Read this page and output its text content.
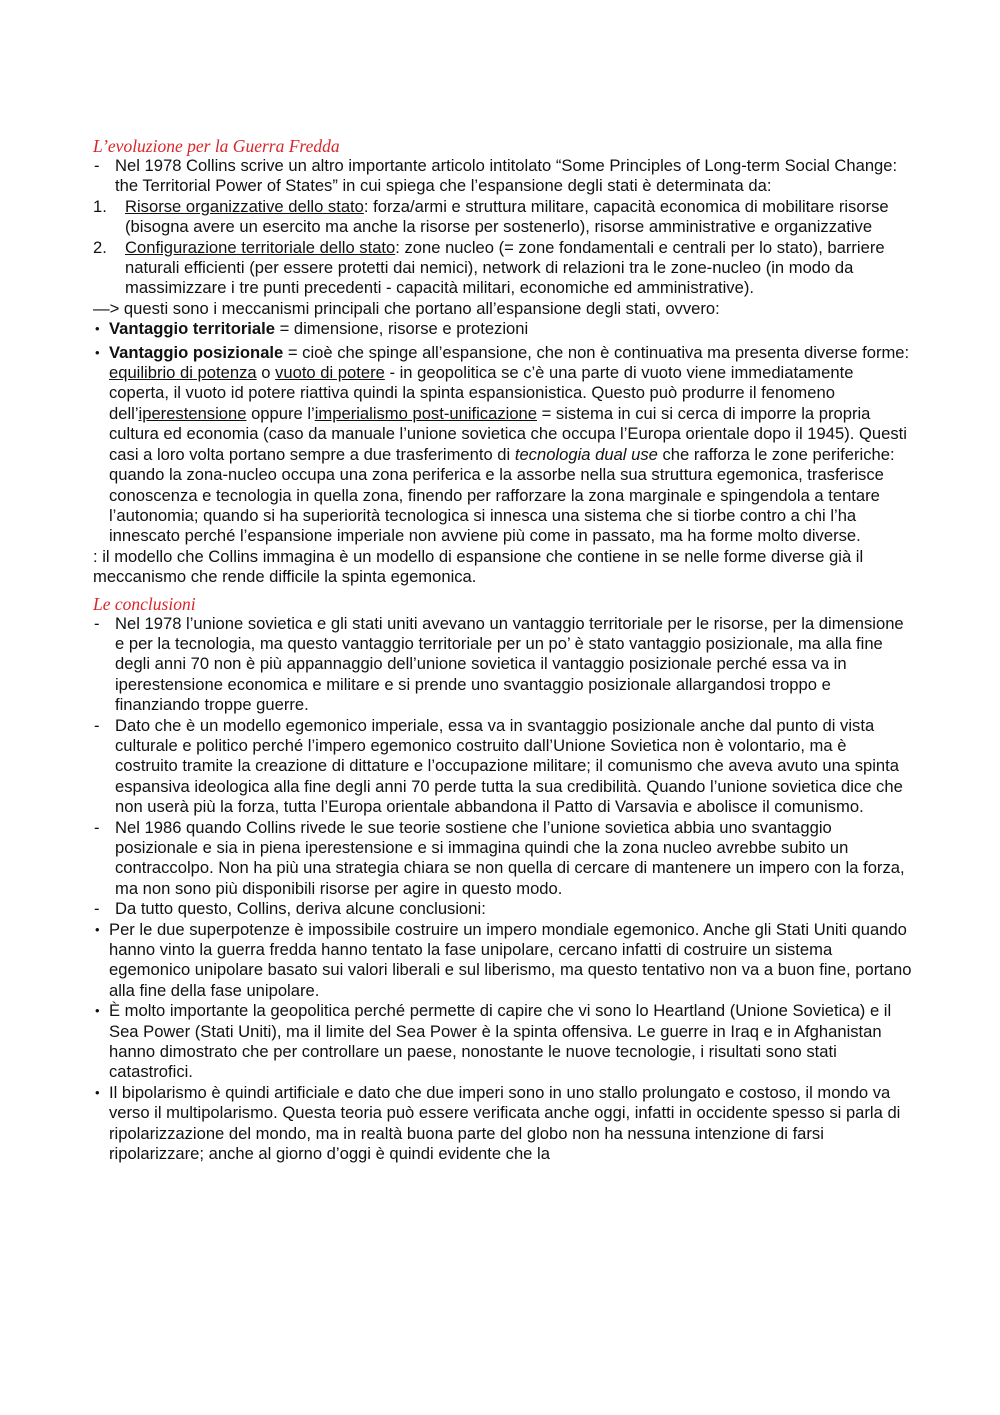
L’evoluzione per la Guerra Fredda

- Nel 1978 Collins scrive un altro importante articolo intitolato “Some Principles of Long-term Social Change: the Territorial Power of States” in cui spiega che l’espansione degli stati è determinata da:

1. Risorse organizzative dello stato: forza/armi e struttura militare, capacità economica di mobilitare risorse (bisogna avere un esercito ma anche la risorse per sostenerlo), risorse amministrative e organizzative

2. Configurazione territoriale dello stato: zone nucleo (= zone fondamentali e centrali per lo stato), barriere naturali efficienti (per essere protetti dai nemici), network di relazioni tra le zone-nucleo (in modo da massimizzare i tre punti precedenti - capacità militari, economiche ed amministrative).

—> questi sono i meccanismi principali che portano all’espansione degli stati, ovvero:

• Vantaggio territoriale = dimensione, risorse e protezioni

• Vantaggio posizionale = cioè che spinge all’espansione, che non è continuativa ma presenta diverse forme: equilibrio di potenza o vuoto di potere - in geopolitica se c’è una parte di vuoto viene immediatamente coperta, il vuoto id potere riattiva quindi la spinta espansionistica. Questo può produrre il fenomeno dell’iperestensione oppure l’imperialismo post-unificazione = sistema in cui si cerca di imporre la propria cultura ed economia (caso da manuale l’unione sovietica che occupa l’Europa orientale dopo il 1945). Questi casi a loro volta portano sempre a due trasferimento di tecnologia dual use che rafforza le zone periferiche: quando la zona-nucleo occupa una zona periferica e la assorbe nella sua struttura egemonica, trasferisce conoscenza e tecnologia in quella zona, finendo per rafforzare la zona marginale e spingendola a tentare l’autonomia; quando si ha superiorità tecnologica si innesca una sistema che si tiorbe contro a chi l’ha innescato perché l’espansione imperiale non avviene più come in passato, ma ha forme molto diverse.

: il modello che Collins immagina è un modello di espansione che contiene in se nelle forme diverse già il meccanismo che rende difficile la spinta egemonica.

Le conclusioni

- Nel 1978 l’unione sovietica e gli stati uniti avevano un vantaggio territoriale per le risorse, per la dimensione e per la tecnologia, ma questo vantaggio territoriale per un po’ è stato vantaggio posizionale, ma alla fine degli anni 70 non è più appannaggio dell’unione sovietica il vantaggio posizionale perché essa va in iperestensione economica e militare e si prende uno svantaggio posizionale allargandosi troppo e finanziando troppe guerre.

- Dato che è un modello egemonico imperiale, essa va in svantaggio posizionale anche dal punto di vista culturale e politico perché l’impero egemonico costruito dall’Unione Sovietica non è volontario, ma è costruito tramite la creazione di dittature e l’occupazione militare; il comunismo che aveva avuto una spinta espansiva ideologica alla fine degli anni 70 perde tutta la sua credibilità. Quando l’unione sovietica dice che non userà più la forza, tutta l’Europa orientale abbandona il Patto di Varsavia e abolisce il comunismo.

- Nel 1986 quando Collins rivede le sue teorie sostiene che l’unione sovietica abbia uno svantaggio posizionale e sia in piena iperestensione e si immagina quindi che la zona nucleo avrebbe subito un contraccolpo. Non ha più una strategia chiara se non quella di cercare di mantenere un impero con la forza, ma non sono più disponibili risorse per agire in questo modo.

- Da tutto questo, Collins, deriva alcune conclusioni:

• Per le due superpotenze è impossibile costruire un impero mondiale egemonico. Anche gli Stati Uniti quando hanno vinto la guerra fredda hanno tentato la fase unipolare, cercano infatti di costruire un sistema egemonico unipolare basato sui valori liberali e sul liberismo, ma questo tentativo non va a buon fine, portano alla fine della fase unipolare.

• È molto importante la geopolitica perché permette di capire che vi sono lo Heartland (Unione Sovietica) e il Sea Power (Stati Uniti), ma il limite del Sea Power è la spinta offensiva. Le guerre in Iraq e in Afghanistan hanno dimostrato che per controllare un paese, nonostante le nuove tecnologie, i risultati sono stati catastrofici.

• Il bipolarismo è quindi artificiale e dato che due imperi sono in uno stallo prolungato e costoso, il mondo va verso il multipolarismo. Questa teoria può essere verificata anche oggi, infatti in occidente spesso si parla di ripolarizzazione del mondo, ma in realtà buona parte del globo non ha nessuna intenzione di farsi ripolarizzare; anche al giorno d’oggi è quindi evidente che la
